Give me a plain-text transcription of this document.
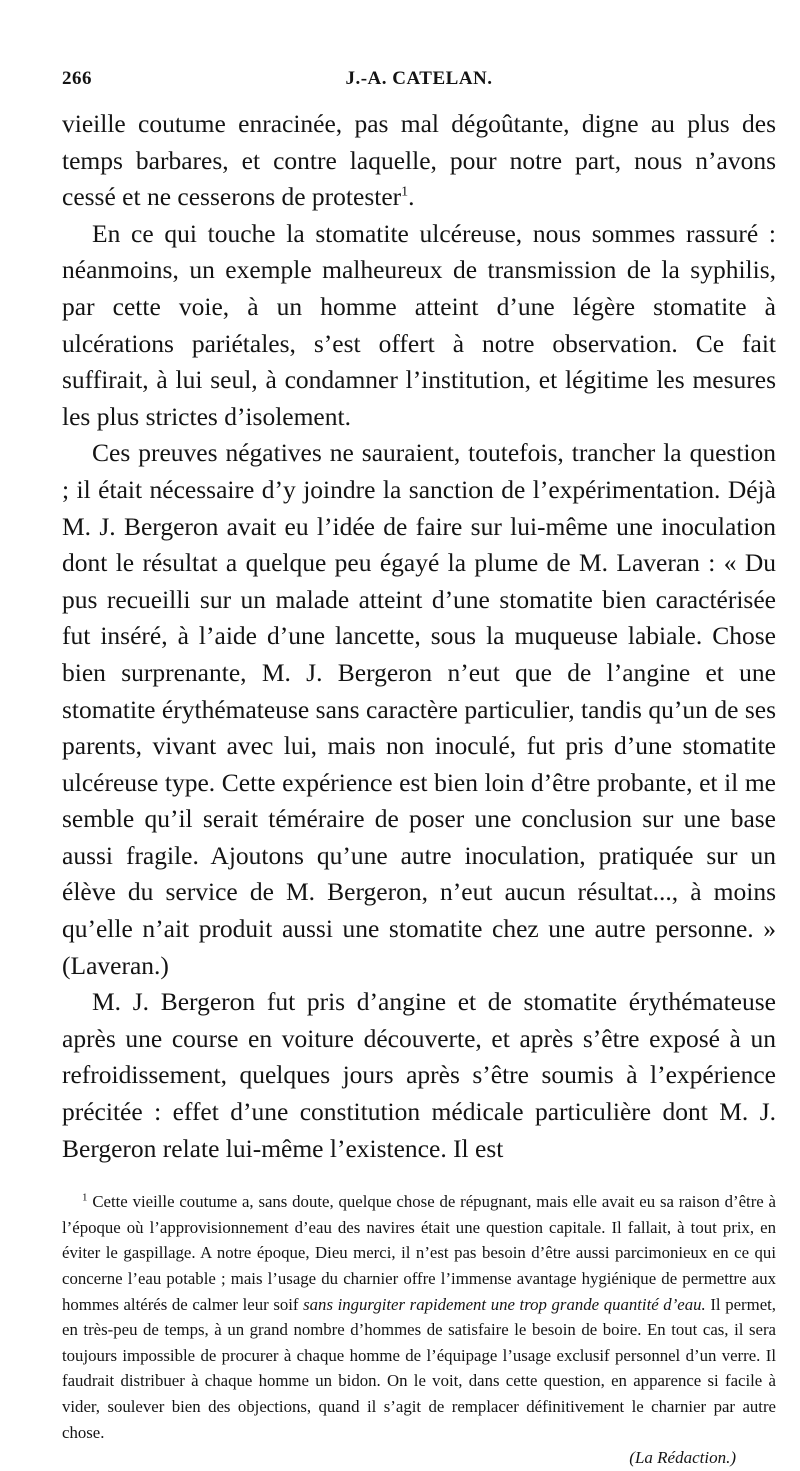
266	J.-A. CATELAN.

vieille coutume enracinée, pas mal dégoûtante, digne au plus des temps barbares, et contre laquelle, pour notre part, nous n’avons cessé et ne cesserons de protester$^1$.

En ce qui touche la stomatite ulcéreuse, nous sommes rassuré : néanmoins, un exemple malheureux de transmission de la syphilis, par cette voie, à un homme atteint d’une légère stomatite à ulcérations pariétales, s’est offert à notre observation. Ce fait suffirait, à lui seul, à condamner l’institution, et légitime les mesures les plus strictes d’isolement.

Ces preuves négatives ne sauraient, toutefois, trancher la question ; il était nécessaire d’y joindre la sanction de l’expérimentation. Déjà M. J. Bergeron avait eu l’idée de faire sur lui-même une inoculation dont le résultat a quelque peu égayé la plume de M. Laveran : « Du pus recueilli sur un malade atteint d’une stomatite bien caractérisée fut inséré, à l’aide d’une lancette, sous la muqueuse labiale. Chose bien surprenante, M. J. Bergeron n’eut que de l’angine et une stomatite érythémateuse sans caractère particulier, tandis qu’un de ses parents, vivant avec lui, mais non inoculé, fut pris d’une stomatite ulcéreuse type. Cette expérience est bien loin d’être probante, et il me semble qu’il serait téméraire de poser une conclusion sur une base aussi fragile. Ajoutons qu’une autre inoculation, pratiquée sur un élève du service de M. Bergeron, n’eut aucun résultat..., à moins qu’elle n’ait produit aussi une stomatite chez une autre personne. » (Laveran.)

M. J. Bergeron fut pris d’angine et de stomatite érythémateuse après une course en voiture découverte, et après s’être exposé à un refroidissement, quelques jours après s’être soumis à l’expérience précitée : effet d’une constitution médicale particulière dont M. J. Bergeron relate lui-même l’existence. Il est

$^1$ Cette vieille coutume a, sans doute, quelque chose de répugnant, mais elle avait eu sa raison d’être à l’époque où l’approvisionnement d’eau des navires était une question capitale. Il fallait, à tout prix, en éviter le gaspillage. A notre époque, Dieu merci, il n’est pas besoin d’être aussi parcimonieux en ce qui concerne l’eau potable ; mais l’usage du charnier offre l’immense avantage hygiénique de permettre aux hommes altérés de calmer leur soif sans ingurgiter rapidement une trop grande quantité d’eau. Il permet, en très-peu de temps, à un grand nombre d’hommes de satisfaire le besoin de boire. En tout cas, il sera toujours impossible de procurer à chaque homme de l’équipage l’usage exclusif personnel d’un verre. Il faudrait distribuer à chaque homme un bidon. On le voit, dans cette question, en apparence si facile à vider, soulever bien des objections, quand il s’agit de remplacer définitivement le charnier par autre chose.
(La Rédaction.)
